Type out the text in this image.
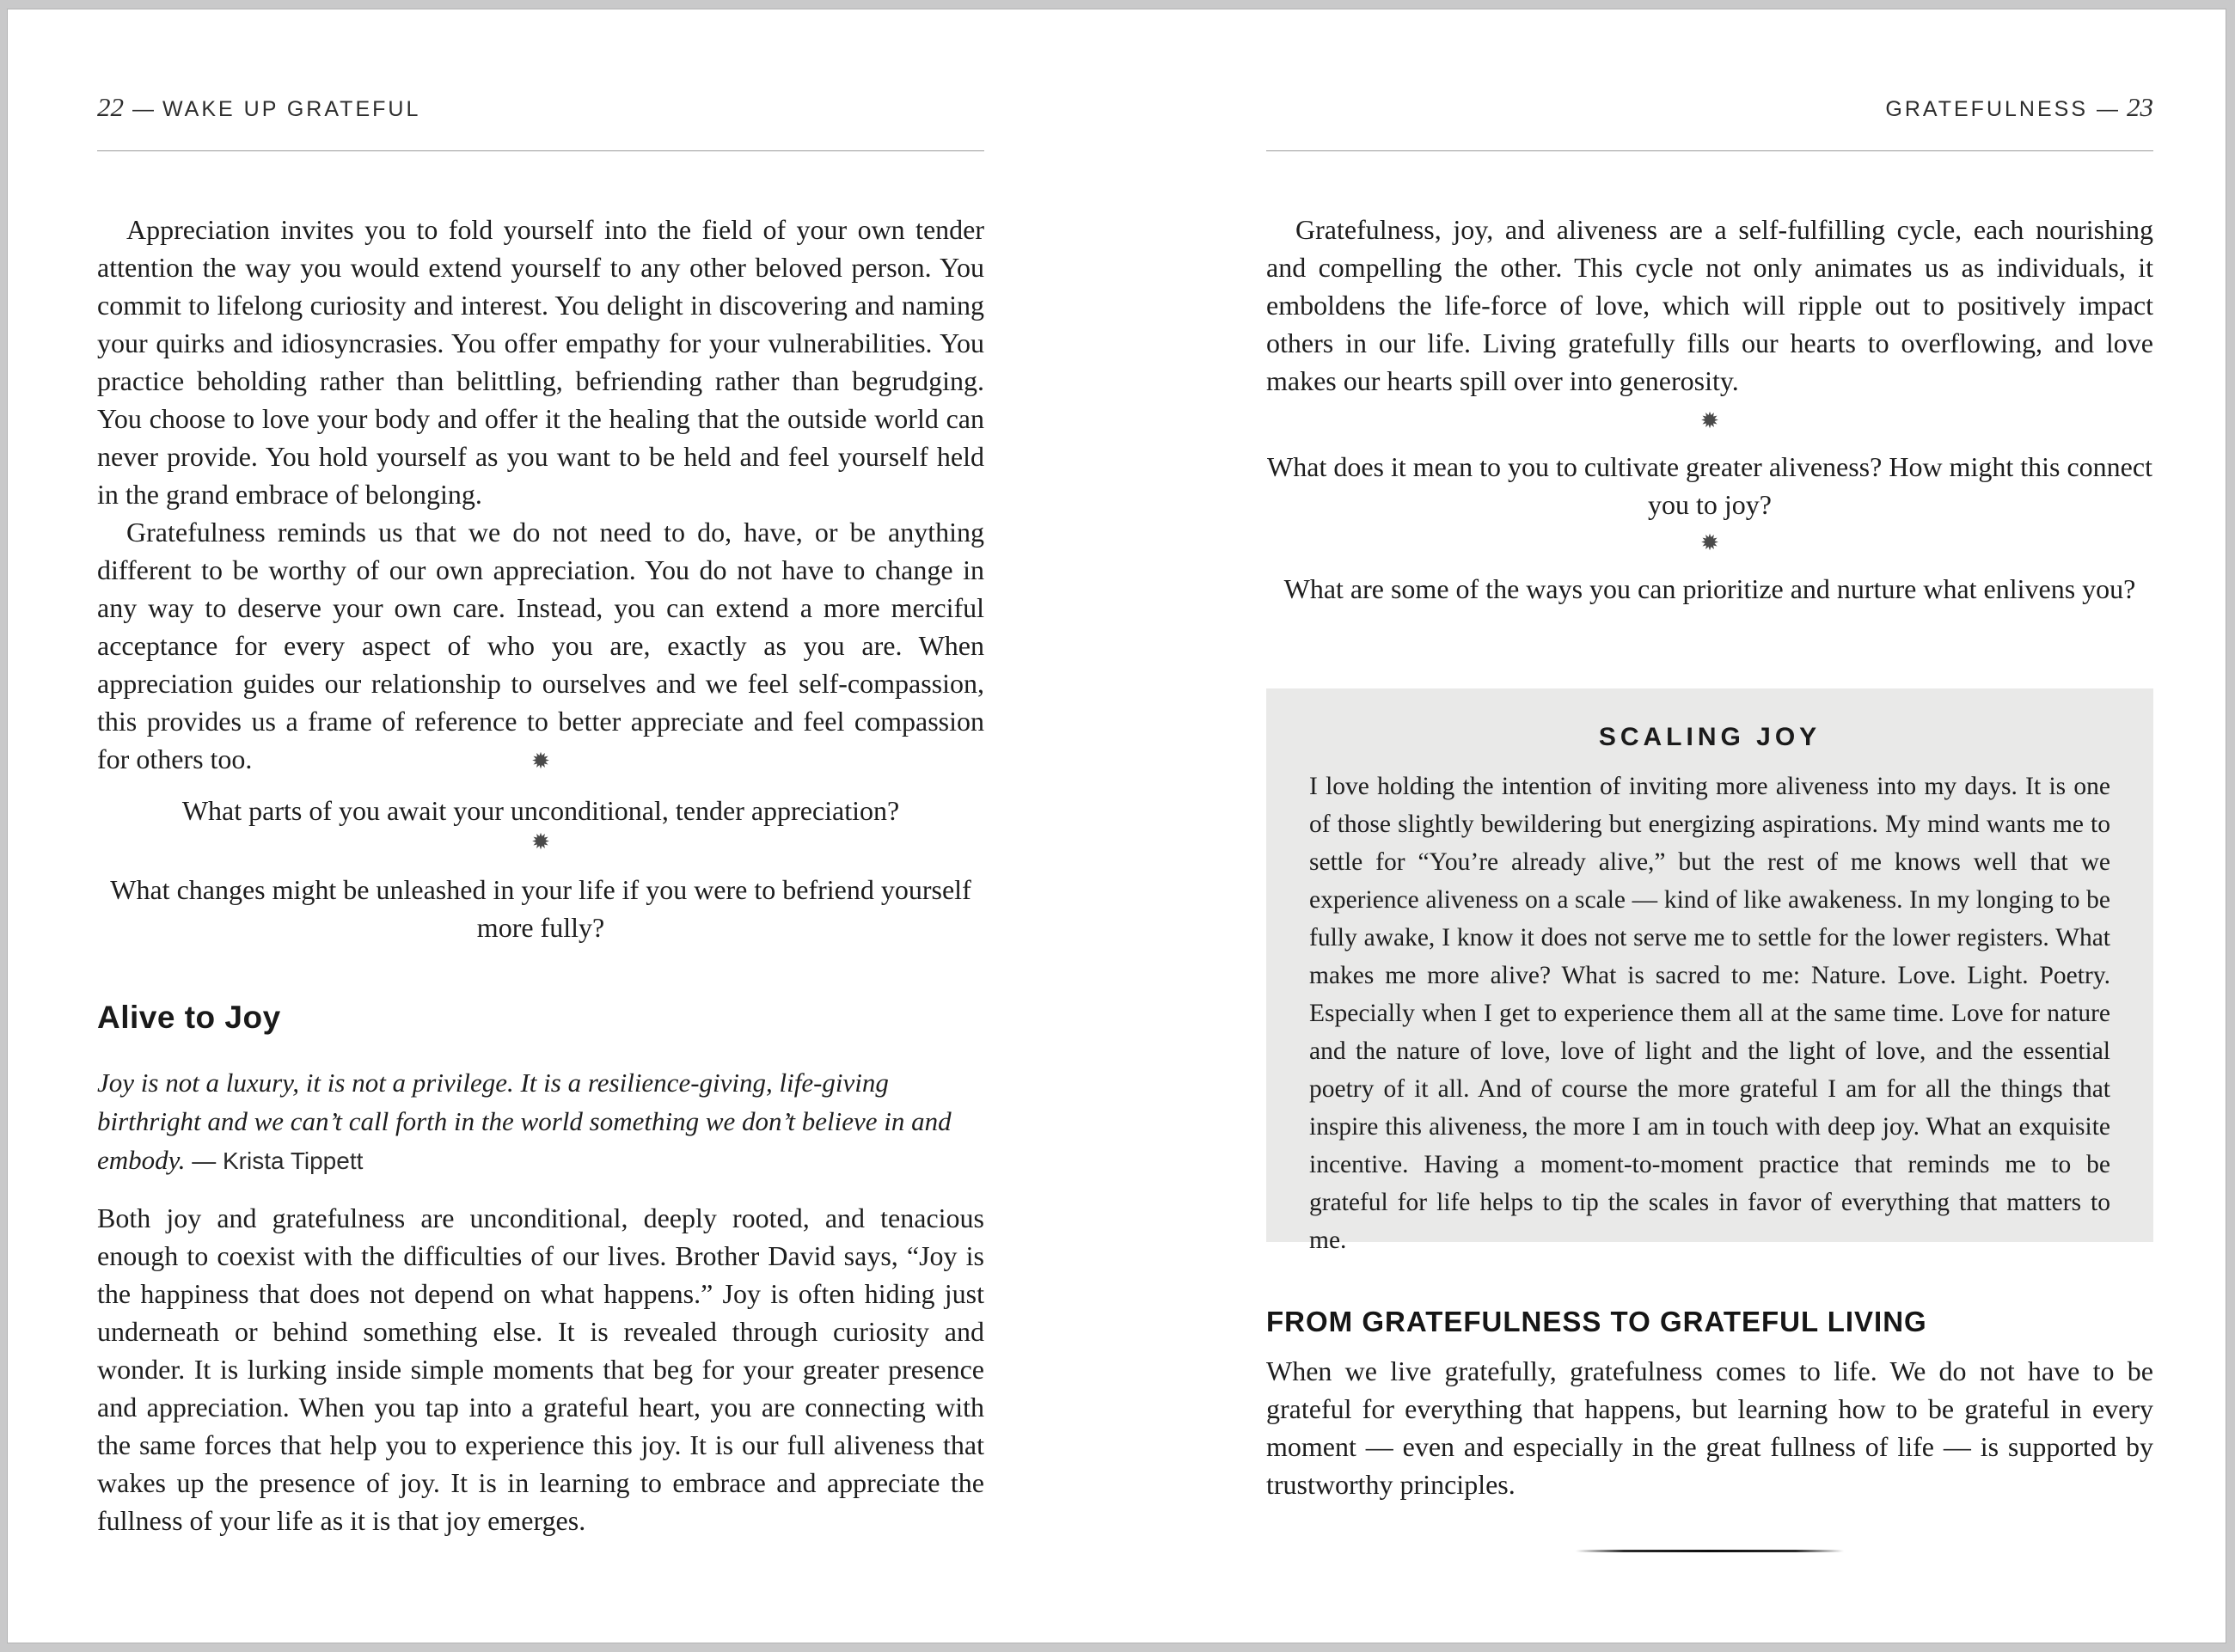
22 — WAKE UP GRATEFUL

Appreciation invites you to fold yourself into the field of your own tender attention the way you would extend yourself to any other beloved person. You commit to lifelong curiosity and interest. You delight in discovering and naming your quirks and idiosyncrasies. You offer empathy for your vulnerabilities. You practice beholding rather than belittling, befriending rather than begrudging. You choose to love your body and offer it the healing that the outside world can never provide. You hold yourself as you want to be held and feel yourself held in the grand embrace of belonging.

Gratefulness reminds us that we do not need to do, have, or be anything different to be worthy of our own appreciation. You do not have to change in any way to deserve your own care. Instead, you can extend a more merciful acceptance for every aspect of who you are, exactly as you are. When appreciation guides our relationship to ourselves and we feel self-compassion, this provides us a frame of reference to better appreciate and feel compassion for others too.	✹

What parts of you await your unconditional, tender appreciation?

✹

What changes might be unleashed in your life if you were to befriend yourself more fully?

Alive to Joy

Joy is not a luxury, it is not a privilege. It is a resilience-giving, life-giving birthright and we can’t call forth in the world something we don’t believe in and embody. — Krista Tippett

Both joy and gratefulness are unconditional, deeply rooted, and tenacious enough to coexist with the difficulties of our lives. Brother David says, “Joy is the happiness that does not depend on what happens.” Joy is often hiding just underneath or behind something else. It is revealed through curiosity and wonder. It is lurking inside simple moments that beg for your greater presence and appreciation. When you tap into a grateful heart, you are connecting with the same forces that help you to experience this joy. It is our full aliveness that wakes up the presence of joy. It is in learning to embrace and appreciate the fullness of your life as it is that joy emerges.

GRATEFULNESS — 23

Gratefulness, joy, and aliveness are a self-fulfilling cycle, each nourishing and compelling the other. This cycle not only animates us as individuals, it emboldens the life-force of love, which will ripple out to positively impact others in our life. Living gratefully fills our hearts to overflowing, and love makes our hearts spill over into generosity.

✹

What does it mean to you to cultivate greater aliveness? How might this connect you to joy?

✹

What are some of the ways you can prioritize and nurture what enlivens you?

SCALING JOY

I love holding the intention of inviting more aliveness into my days. It is one of those slightly bewildering but energizing aspirations. My mind wants me to settle for “You’re already alive,” but the rest of me knows well that we experience aliveness on a scale — kind of like awakeness. In my longing to be fully awake, I know it does not serve me to settle for the lower registers. What makes me more alive? What is sacred to me: Nature. Love. Light. Poetry. Especially when I get to experience them all at the same time. Love for nature and the nature of love, love of light and the light of love, and the essential poetry of it all. And of course the more grateful I am for all the things that inspire this aliveness, the more I am in touch with deep joy. What an exquisite incentive. Having a moment-to-moment practice that reminds me to be grateful for life helps to tip the scales in favor of everything that matters to me.

FROM GRATEFULNESS TO GRATEFUL LIVING

When we live gratefully, gratefulness comes to life. We do not have to be grateful for everything that happens, but learning how to be grateful in every moment — even and especially in the great fullness of life — is supported by trustworthy principles.
